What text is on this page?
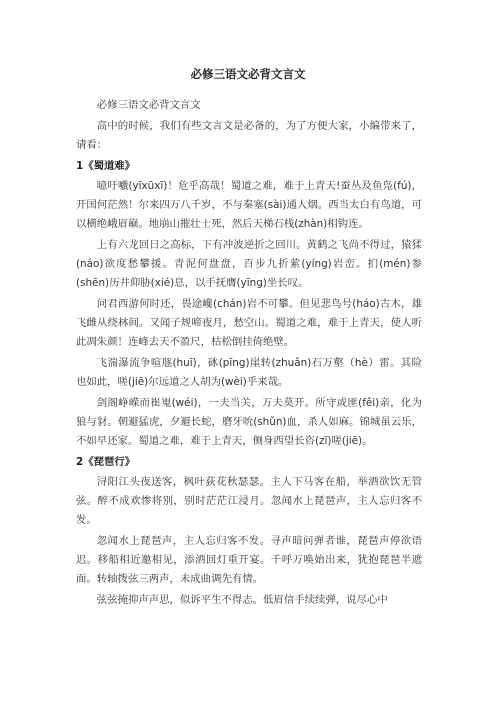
必修三语文必背文言文

必修三语文必背文言文

高中的时候，我们有些文言文是必备的，为了方便大家，小编带来了，请看：

1《蜀道难》

噫吁嚱(yīxūxī)！危乎高哉！蜀道之难，难于上青天!蚕丛及鱼凫(fú)，开国何茫然！尔来四万八千岁，不与秦塞(sài)通人烟。西当太白有鸟道，可以横绝峨眉巅。地崩山摧壮士死，然后天梯石栈(zhàn)相钩连。

上有六龙回日之高标，下有冲波逆折之回川。黄鹤之飞尚不得过，猿猱(náo)欲度愁攀援。青泥何盘盘，百步九折萦(yíng)岩峦。扪(mén)参(shēn)历井仰胁(xié)息，以手抚膺(yīng)坐长叹。

问君西游何时还，畏途巉(chán)岩不可攀。但见悲鸟号(háo)古木，雄飞雌从绕林间。又闻子规啼夜月，愁空山。蜀道之难，难于上青天，使人听此凋朱颜！连峰去天不盈尺，枯松倒挂倚绝壁。

飞湍瀑流争喧豗(huī)，砯(pīng)崖转(zhuǎn)石万壑（hè）雷。其险也如此，嗟(jiē)尔远道之人胡为(wèi)乎来哉。

剑阁峥嵘而崔嵬(wéi)，一夫当关，万夫莫开。所守或匪(fěi)亲，化为狼与豺。朝避猛虎，夕避长蛇，磨牙吮(shǔn)血，杀人如麻。锦城虽云乐，不如早还家。蜀道之难，难于上青天，侧身西望长咨(zī)嗟(jiē)。

2《琵琶行》

浔阳江头夜送客，枫叶荻花秋瑟瑟。主人下马客在船，举酒欲饮无管弦。醉不成欢惨将别，别时茫茫江浸月。忽闻水上琵琶声，主人忘归客不发。

忽闻水上琵琶声，主人忘归客不发。寻声暗问弹者谁，琵琶声停欲语迟。移船相近邀相见，添酒回灯重开宴。千呼万唤始出来，犹抱琵琶半遮面。转轴拨弦三两声，未成曲调先有情。

弦弦掩抑声声思，似诉平生不得志。低眉信手续续弹，说尽心中
